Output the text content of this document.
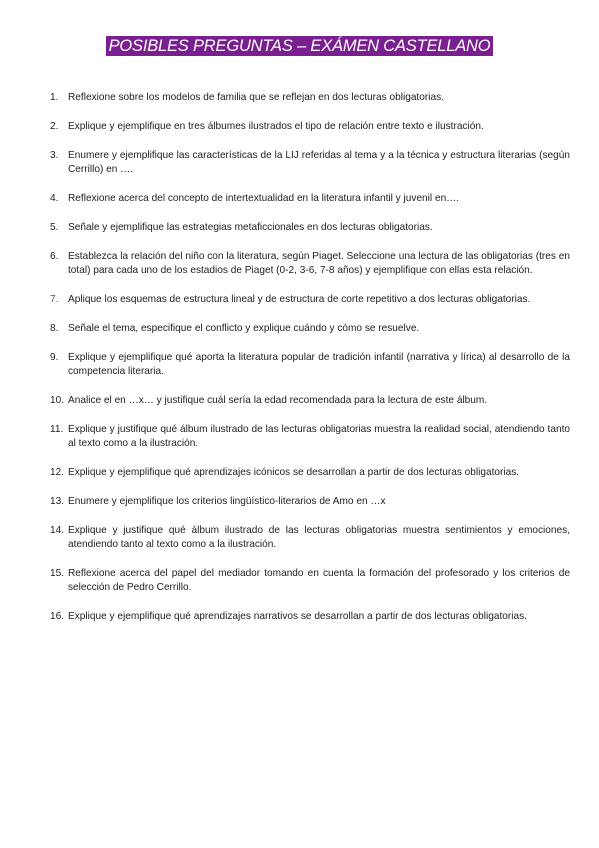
POSIBLES PREGUNTAS – EXÁMEN CASTELLANO
1. Reflexione sobre los modelos de familia que se reflejan en dos lecturas obligatorias.
2. Explique y ejemplifique en tres álbumes ilustrados el tipo de relación entre texto e ilustración.
3. Enumere y ejemplifique las características de la LIJ referidas al tema y a la técnica y estructura literarias (según Cerrillo) en ….
4. Reflexione acerca del concepto de intertextualidad en la literatura infantil y juvenil en….
5. Señale y ejemplifique las estrategias metaficcionales en dos lecturas obligatorias.
6. Establezca la relación del niño con la literatura, según Piaget. Seleccione una lectura de las obligatorias (tres en total) para cada uno de los estadios de Piaget (0-2, 3-6, 7-8 años) y ejemplifique con ellas esta relación.
7. Aplique los esquemas de estructura lineal y de estructura de corte repetitivo a dos lecturas obligatorias.
8. Señale el tema, especifique el conflicto y explique cuándo y cómo se resuelve.
9. Explique y ejemplifique qué aporta la literatura popular de tradición infantil (narrativa y lírica) al desarrollo de la competencia literaria.
10. Analice el en …x… y justifique cuál sería la edad recomendada para la lectura de este álbum.
11. Explique y justifique qué álbum ilustrado de las lecturas obligatorias muestra la realidad social, atendiendo tanto al texto como a la ilustración.
12. Explique y ejemplifique qué aprendizajes icónicos se desarrollan a partir de dos lecturas obligatorias.
13. Enumere y ejemplifique los criterios lingüístico-literarios de Amo en …x
14. Explique y justifique qué álbum ilustrado de las lecturas obligatorias muestra sentimientos y emociones, atendiendo tanto al texto como a la ilustración.
15. Reflexione acerca del papel del mediador tomando en cuenta la formación del profesorado y los criterios de selección de Pedro Cerrillo.
16. Explique y ejemplifique qué aprendizajes narrativos se desarrollan a partir de dos lecturas obligatorias.
